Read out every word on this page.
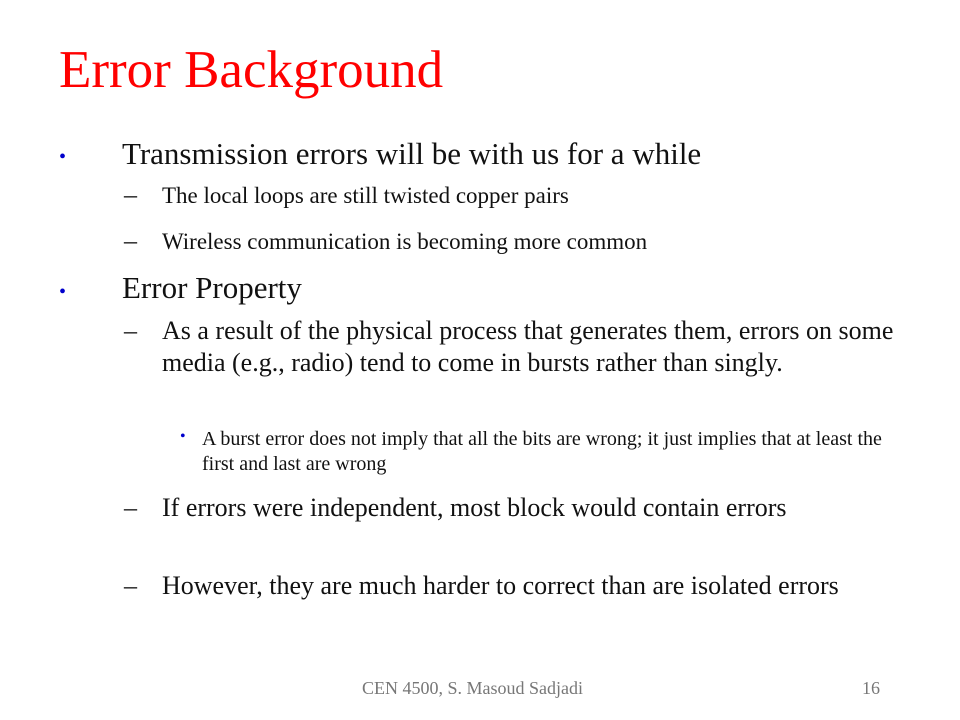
Error Background
• Transmission errors will be with us for a while
– The local loops are still twisted copper pairs
– Wireless communication is becoming more common
• Error Property
– As a result of the physical process that generates them, errors on some media (e.g., radio) tend to come in bursts rather than singly.
• A burst error does not imply that all the bits are wrong; it just implies that at least the first and last are wrong
– If errors were independent, most block would contain errors
– However, they are much harder to correct than are isolated errors
CEN 4500, S. Masoud Sadjadi	16
